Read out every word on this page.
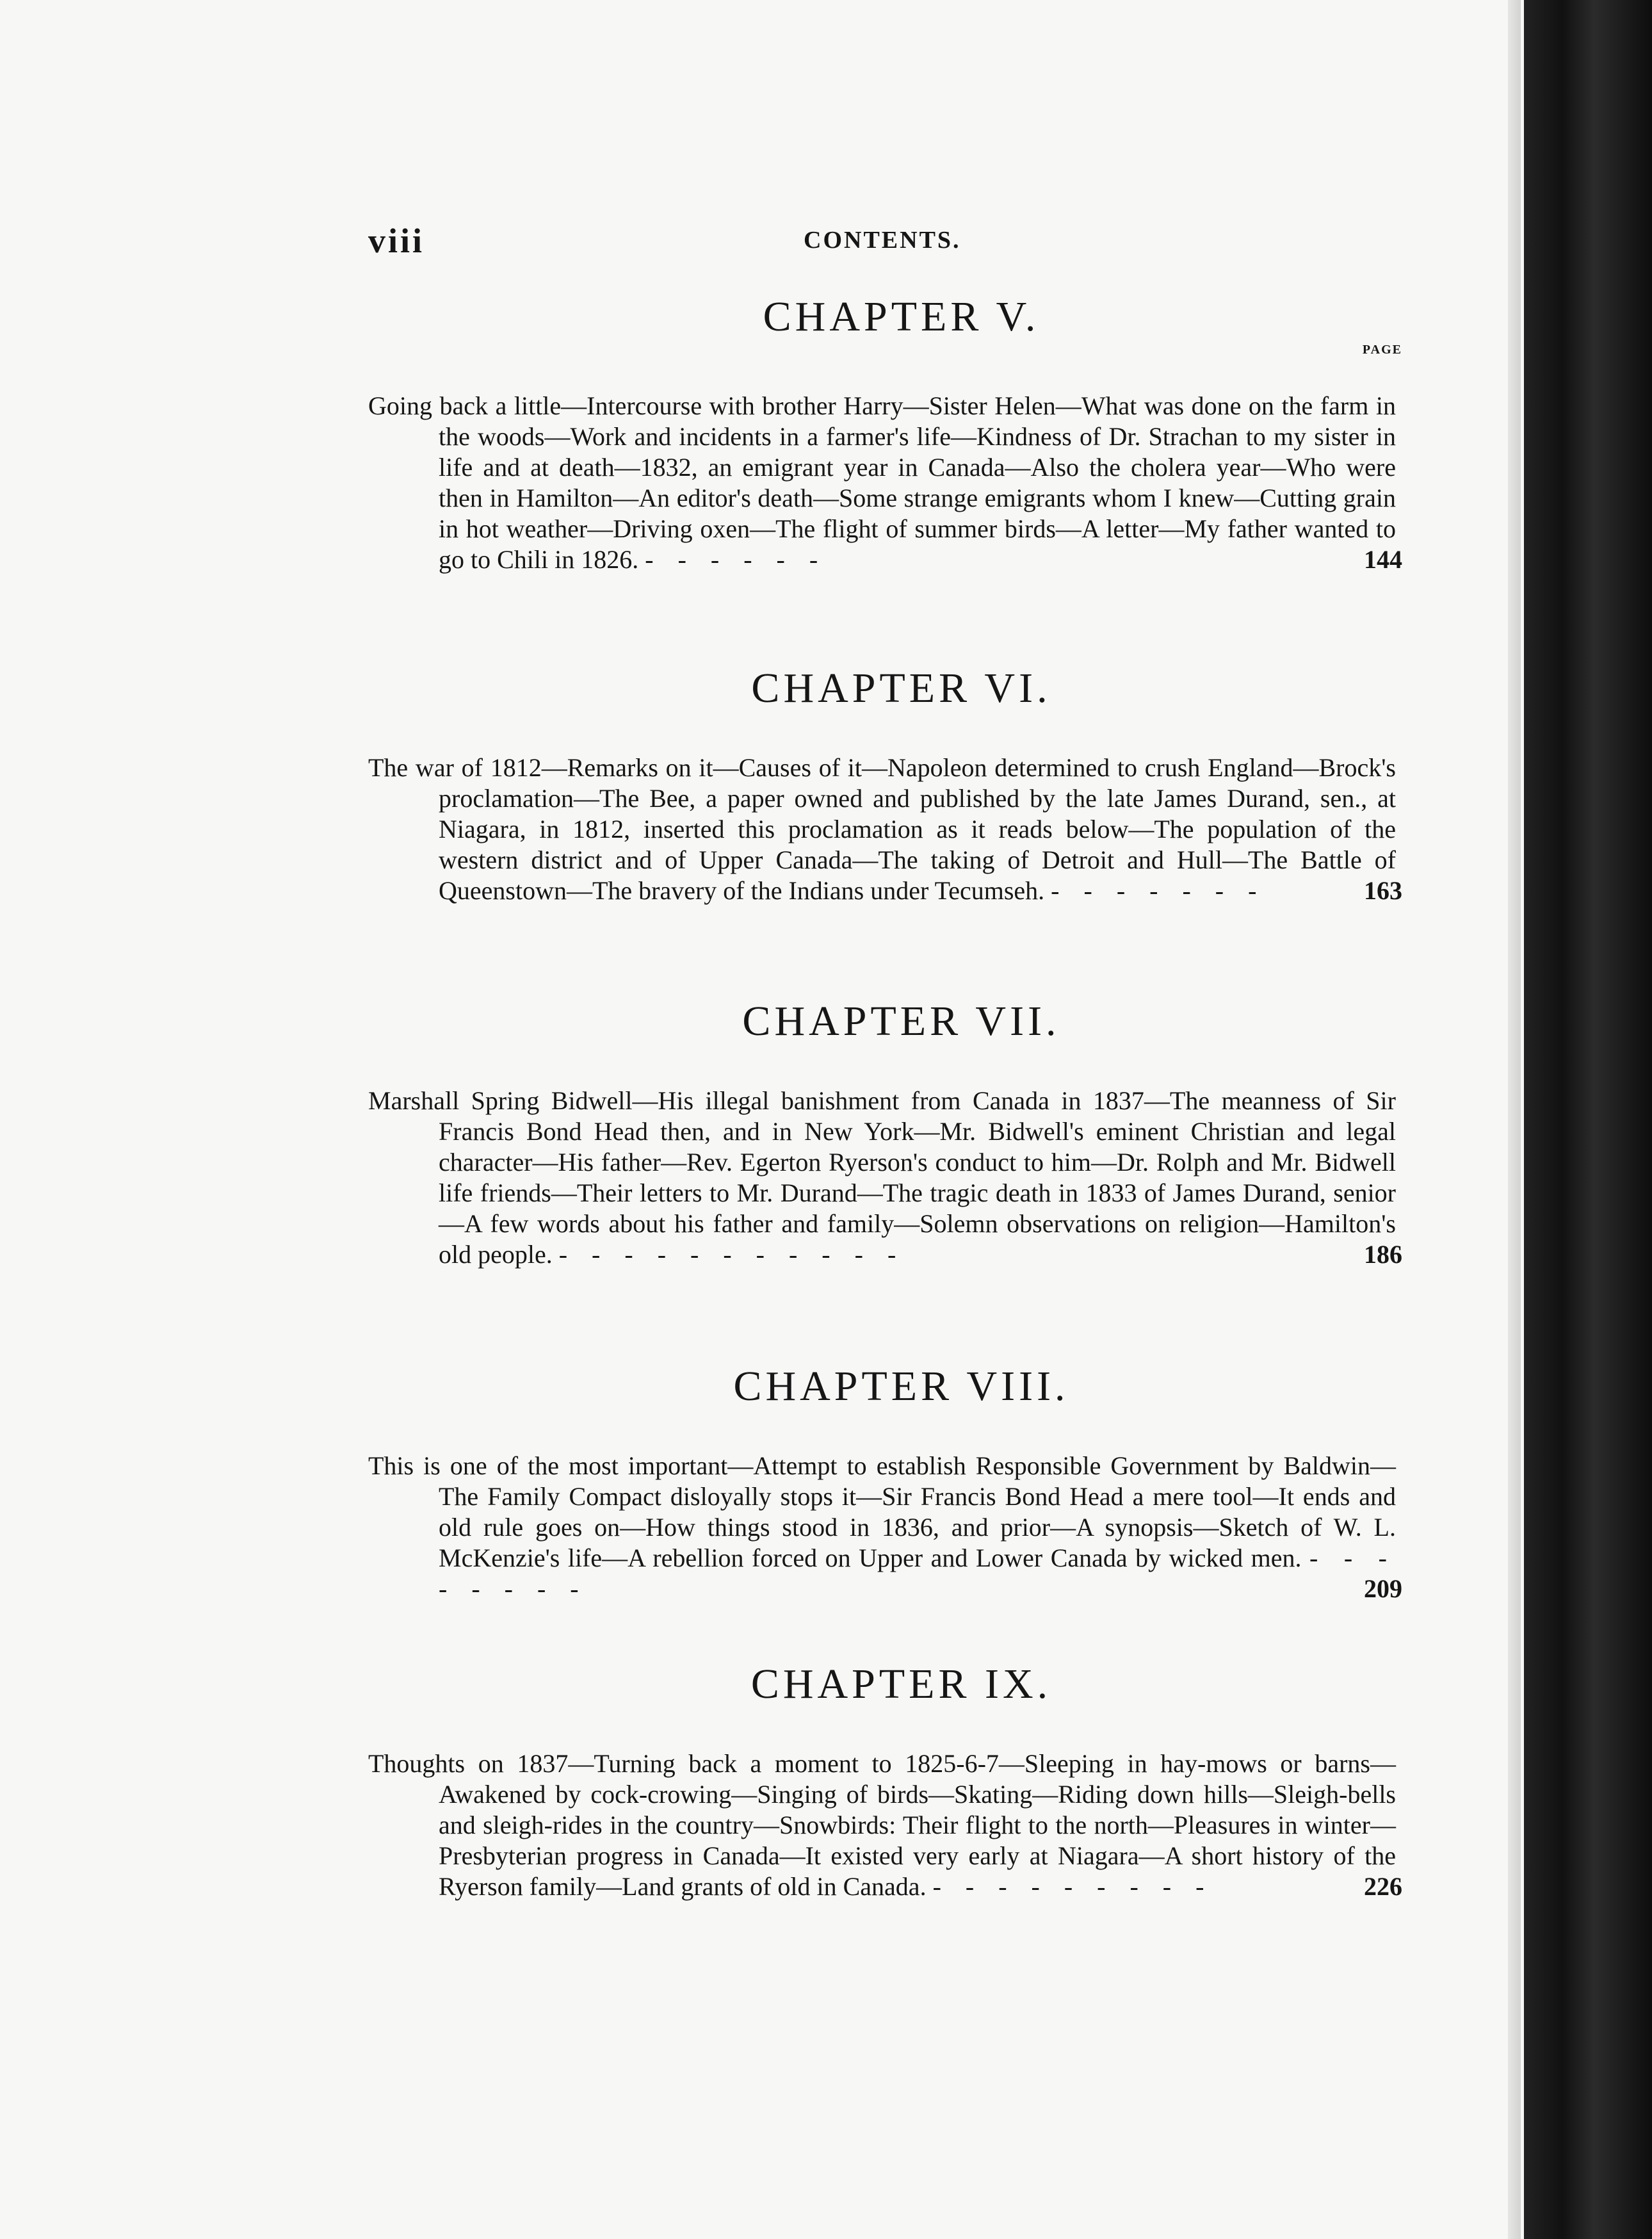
viii	CONTENTS.
CHAPTER V.
PAGE
Going back a little—Intercourse with brother Harry—Sister Helen—What was done on the farm in the woods—Work and incidents in a farmer's life—Kindness of Dr. Strachan to my sister in life and at death—1832, an emigrant year in Canada—Also the cholera year—Who were then in Hamilton—An editor's death—Some strange emigrants whom I knew—Cutting grain in hot weather—Driving oxen—The flight of summer birds—A letter—My father wanted to go to Chili in 1826. - - - - - -	144
CHAPTER VI.
The war of 1812—Remarks on it—Causes of it—Napoleon determined to crush England—Brock's proclamation—The Bee, a paper owned and published by the late James Durand, sen., at Niagara, in 1812, inserted this proclamation as it reads below—The population of the western district and of Upper Canada—The taking of Detroit and Hull—The Battle of Queenstown—The bravery of the Indians under Tecumseh. - - - - - - -	163
CHAPTER VII.
Marshall Spring Bidwell—His illegal banishment from Canada in 1837—The meanness of Sir Francis Bond Head then, and in New York—Mr. Bidwell's eminent Christian and legal character—His father—Rev. Egerton Ryerson's conduct to him—Dr. Rolph and Mr. Bidwell life friends—Their letters to Mr. Durand—The tragic death in 1833 of James Durand, senior—A few words about his father and family—Solemn observations on religion—Hamilton's old people. - - - - - - - - - - -	186
CHAPTER VIII.
This is one of the most important—Attempt to establish Responsible Government by Baldwin—The Family Compact disloyally stops it—Sir Francis Bond Head a mere tool—It ends and old rule goes on—How things stood in 1836, and prior—A synopsis—Sketch of W. L. McKenzie's life—A rebellion forced on Upper and Lower Canada by wicked men. - - - - - - - -	209
CHAPTER IX.
Thoughts on 1837—Turning back a moment to 1825-6-7—Sleeping in hay-mows or barns—Awakened by cock-crowing—Singing of birds—Skating—Riding down hills—Sleigh-bells and sleigh-rides in the country—Snowbirds: Their flight to the north—Pleasures in winter—Presbyterian progress in Canada—It existed very early at Niagara—A short history of the Ryerson family—Land grants of old in Canada. - - - - - - - - -	226
